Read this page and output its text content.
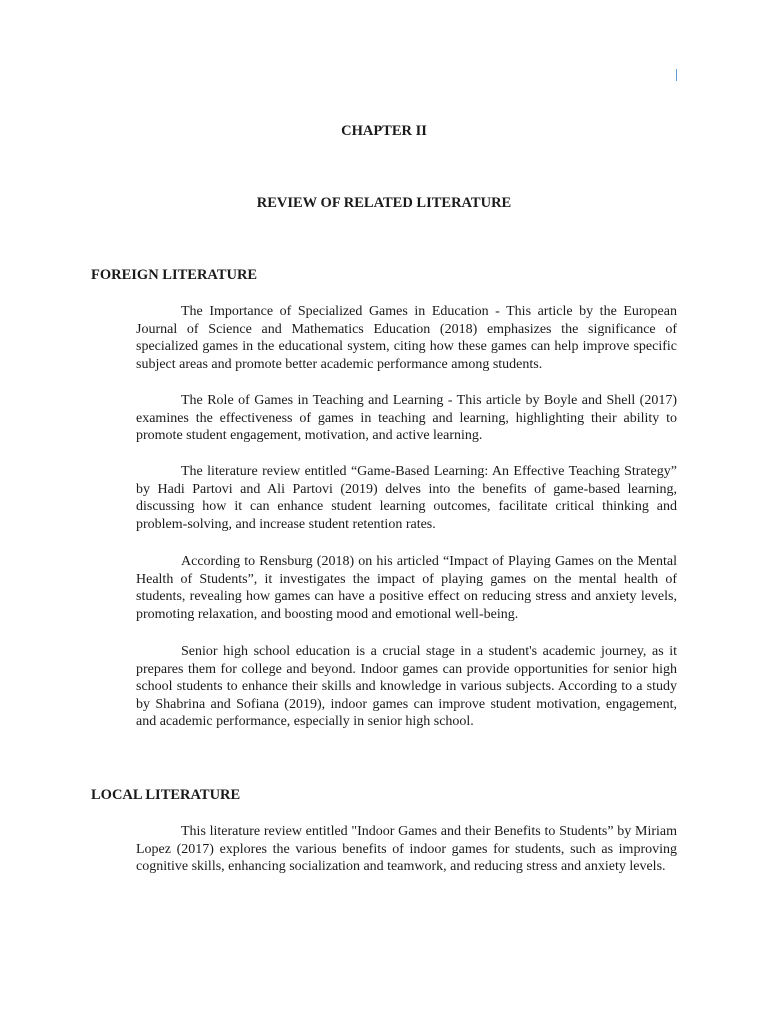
CHAPTER II
REVIEW OF RELATED LITERATURE
FOREIGN LITERATURE

The Importance of Specialized Games in Education - This article by the European Journal of Science and Mathematics Education (2018) emphasizes the significance of specialized games in the educational system, citing how these games can help improve specific subject areas and promote better academic performance among students.

The Role of Games in Teaching and Learning - This article by Boyle and Shell (2017) examines the effectiveness of games in teaching and learning, highlighting their ability to promote student engagement, motivation, and active learning.

The literature review entitled “Game-Based Learning: An Effective Teaching Strategy” by Hadi Partovi and Ali Partovi (2019) delves into the benefits of game-based learning, discussing how it can enhance student learning outcomes, facilitate critical thinking and problem-solving, and increase student retention rates.

According to Rensburg (2018) on his articled “Impact of Playing Games on the Mental Health of Students”, it investigates the impact of playing games on the mental health of students, revealing how games can have a positive effect on reducing stress and anxiety levels, promoting relaxation, and boosting mood and emotional well-being.

Senior high school education is a crucial stage in a student's academic journey, as it prepares them for college and beyond. Indoor games can provide opportunities for senior high school students to enhance their skills and knowledge in various subjects. According to a study by Shabrina and Sofiana (2019), indoor games can improve student motivation, engagement, and academic performance, especially in senior high school.

LOCAL LITERATURE

This literature review entitled "Indoor Games and their Benefits to Students” by Miriam Lopez (2017) explores the various benefits of indoor games for students, such as improving cognitive skills, enhancing socialization and teamwork, and reducing stress and anxiety levels.
